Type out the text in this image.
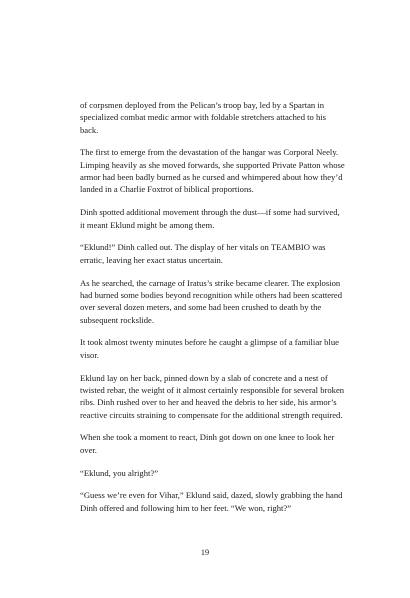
of corpsmen deployed from the Pelican’s troop bay, led by a Spartan in specialized combat medic armor with foldable stretchers attached to his back.

The first to emerge from the devastation of the hangar was Corporal Neely. Limping heavily as she moved forwards, she supported Private Patton whose armor had been badly burned as he cursed and whimpered about how they’d landed in a Charlie Foxtrot of biblical proportions.

Dinh spotted additional movement through the dust—if some had survived, it meant Eklund might be among them.

“Eklund!” Dinh called out. The display of her vitals on TEAMBIO was erratic, leaving her exact status uncertain.

As he searched, the carnage of Iratus’s strike became clearer. The explosion had burned some bodies beyond recognition while others had been scattered over several dozen meters, and some had been crushed to death by the subsequent rockslide.

It took almost twenty minutes before he caught a glimpse of a familiar blue visor.

Eklund lay on her back, pinned down by a slab of concrete and a nest of twisted rebar, the weight of it almost certainly responsible for several broken ribs. Dinh rushed over to her and heaved the debris to her side, his armor’s reactive circuits straining to compensate for the additional strength required.

When she took a moment to react, Dinh got down on one knee to look her over.

“Eklund, you alright?”

“Guess we’re even for Vihar,” Eklund said, dazed, slowly grabbing the hand Dinh offered and following him to her feet. “We won, right?”

19
